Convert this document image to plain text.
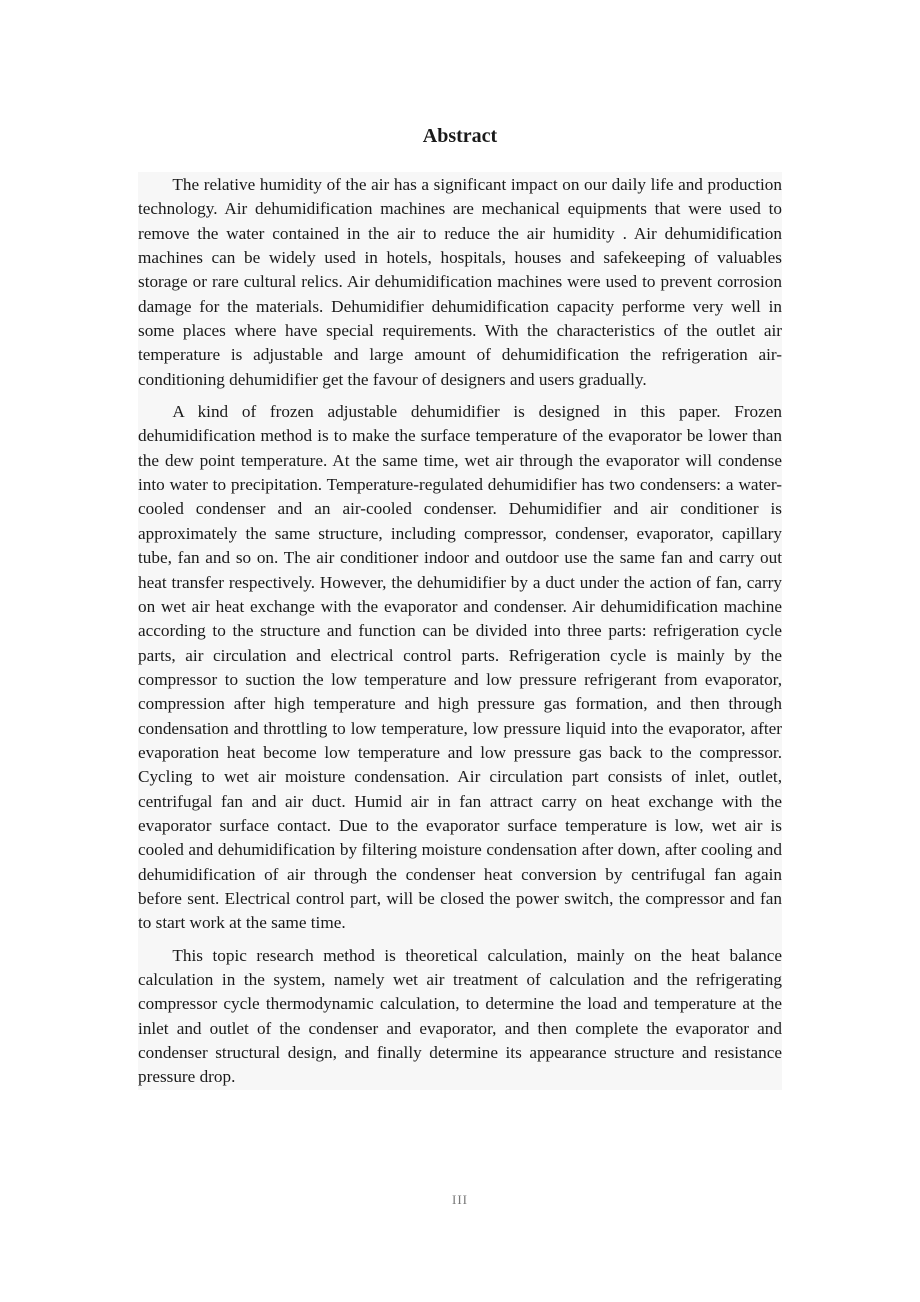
Abstract

The relative humidity of the air has a significant impact on our daily life and production technology. Air dehumidification machines are mechanical equipments that were used to remove the water contained in the air to reduce the air humidity . Air dehumidification machines can be widely used in hotels, hospitals, houses and safekeeping of valuables storage or rare cultural relics. Air dehumidification machines were used to prevent corrosion damage for the materials. Dehumidifier dehumidification capacity performe very well in some places where have special requirements. With the characteristics of the outlet air temperature is adjustable and large amount of dehumidification the refrigeration air-conditioning dehumidifier get the favour of designers and users gradually.

A kind of frozen adjustable dehumidifier is designed in this paper. Frozen dehumidification method is to make the surface temperature of the evaporator be lower than the dew point temperature. At the same time, wet air through the evaporator will condense into water to precipitation. Temperature-regulated dehumidifier has two condensers: a water-cooled condenser and an air-cooled condenser. Dehumidifier and air conditioner is approximately the same structure, including compressor, condenser, evaporator, capillary tube, fan and so on. The air conditioner indoor and outdoor use the same fan and carry out heat transfer respectively. However, the dehumidifier by a duct under the action of fan, carry on wet air heat exchange with the evaporator and condenser. Air dehumidification machine according to the structure and function can be divided into three parts: refrigeration cycle parts, air circulation and electrical control parts. Refrigeration cycle is mainly by the compressor to suction the low temperature and low pressure refrigerant from evaporator, compression after high temperature and high pressure gas formation, and then through condensation and throttling to low temperature, low pressure liquid into the evaporator, after evaporation heat become low temperature and low pressure gas back to the compressor. Cycling to wet air moisture condensation. Air circulation part consists of inlet, outlet, centrifugal fan and air duct. Humid air in fan attract carry on heat exchange with the evaporator surface contact. Due to the evaporator surface temperature is low, wet air is cooled and dehumidification by filtering moisture condensation after down, after cooling and dehumidification of air through the condenser heat conversion by centrifugal fan again before sent. Electrical control part, will be closed the power switch, the compressor and fan to start work at the same time.

This topic research method is theoretical calculation, mainly on the heat balance calculation in the system, namely wet air treatment of calculation and the refrigerating compressor cycle thermodynamic calculation, to determine the load and temperature at the inlet and outlet of the condenser and evaporator, and then complete the evaporator and condenser structural design, and finally determine its appearance structure and resistance pressure drop.

III
